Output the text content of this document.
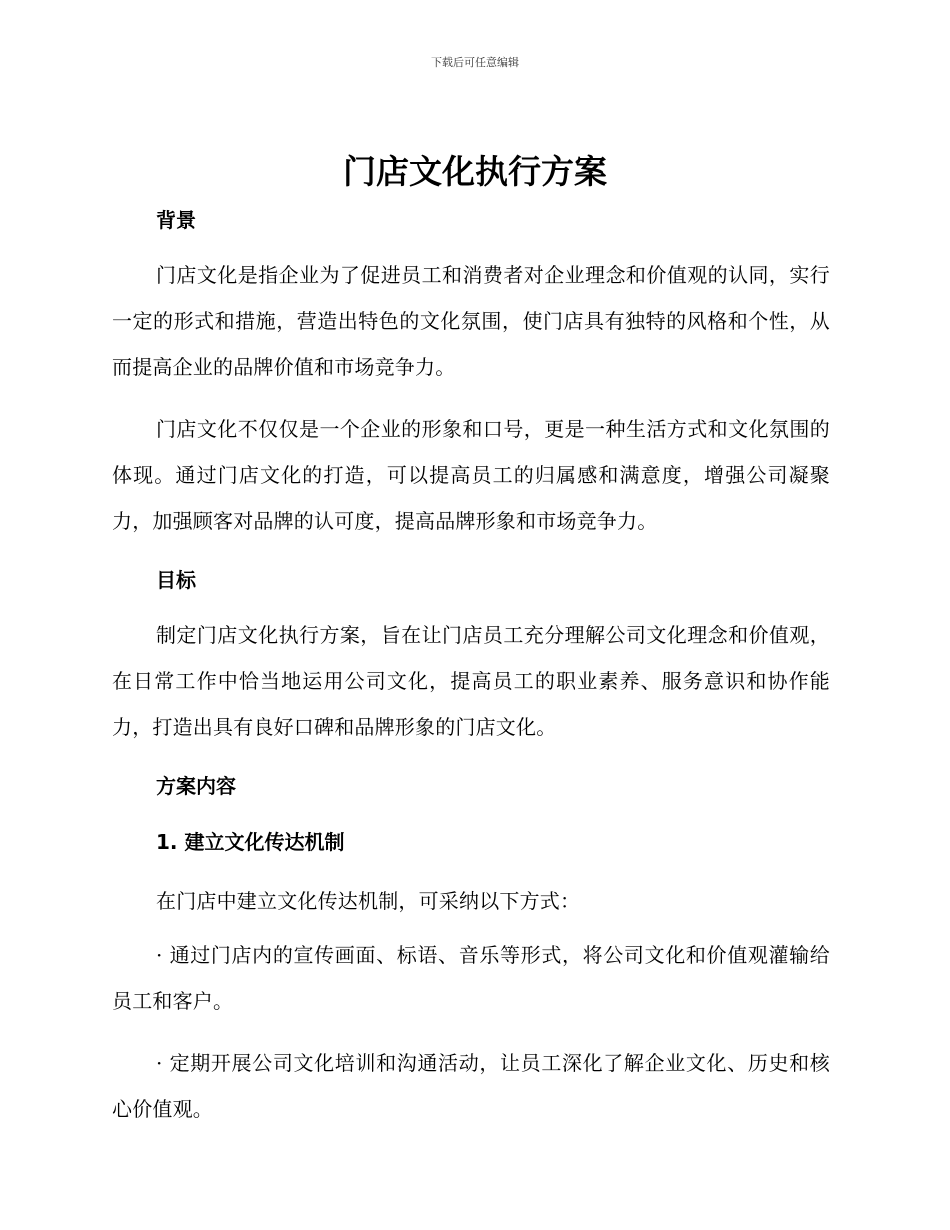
下载后可任意编辑
门店文化执行方案
背景

门店文化是指企业为了促进员工和消费者对企业理念和价值观的认同，实行一定的形式和措施，营造出特色的文化氛围，使门店具有独特的风格和个性，从而提高企业的品牌价值和市场竞争力。

门店文化不仅仅是一个企业的形象和口号，更是一种生活方式和文化氛围的体现。通过门店文化的打造，可以提高员工的归属感和满意度，增强公司凝聚力，加强顾客对品牌的认可度，提高品牌形象和市场竞争力。

目标

制定门店文化执行方案，旨在让门店员工充分理解公司文化理念和价值观，在日常工作中恰当地运用公司文化，提高员工的职业素养、服务意识和协作能力，打造出具有良好口碑和品牌形象的门店文化。

方案内容
1. 建立文化传达机制

在门店中建立文化传达机制，可采纳以下方式：

· 通过门店内的宣传画面、标语、音乐等形式，将公司文化和价值观灌输给员工和客户。

· 定期开展公司文化培训和沟通活动，让员工深化了解企业文化、历史和核心价值观。
